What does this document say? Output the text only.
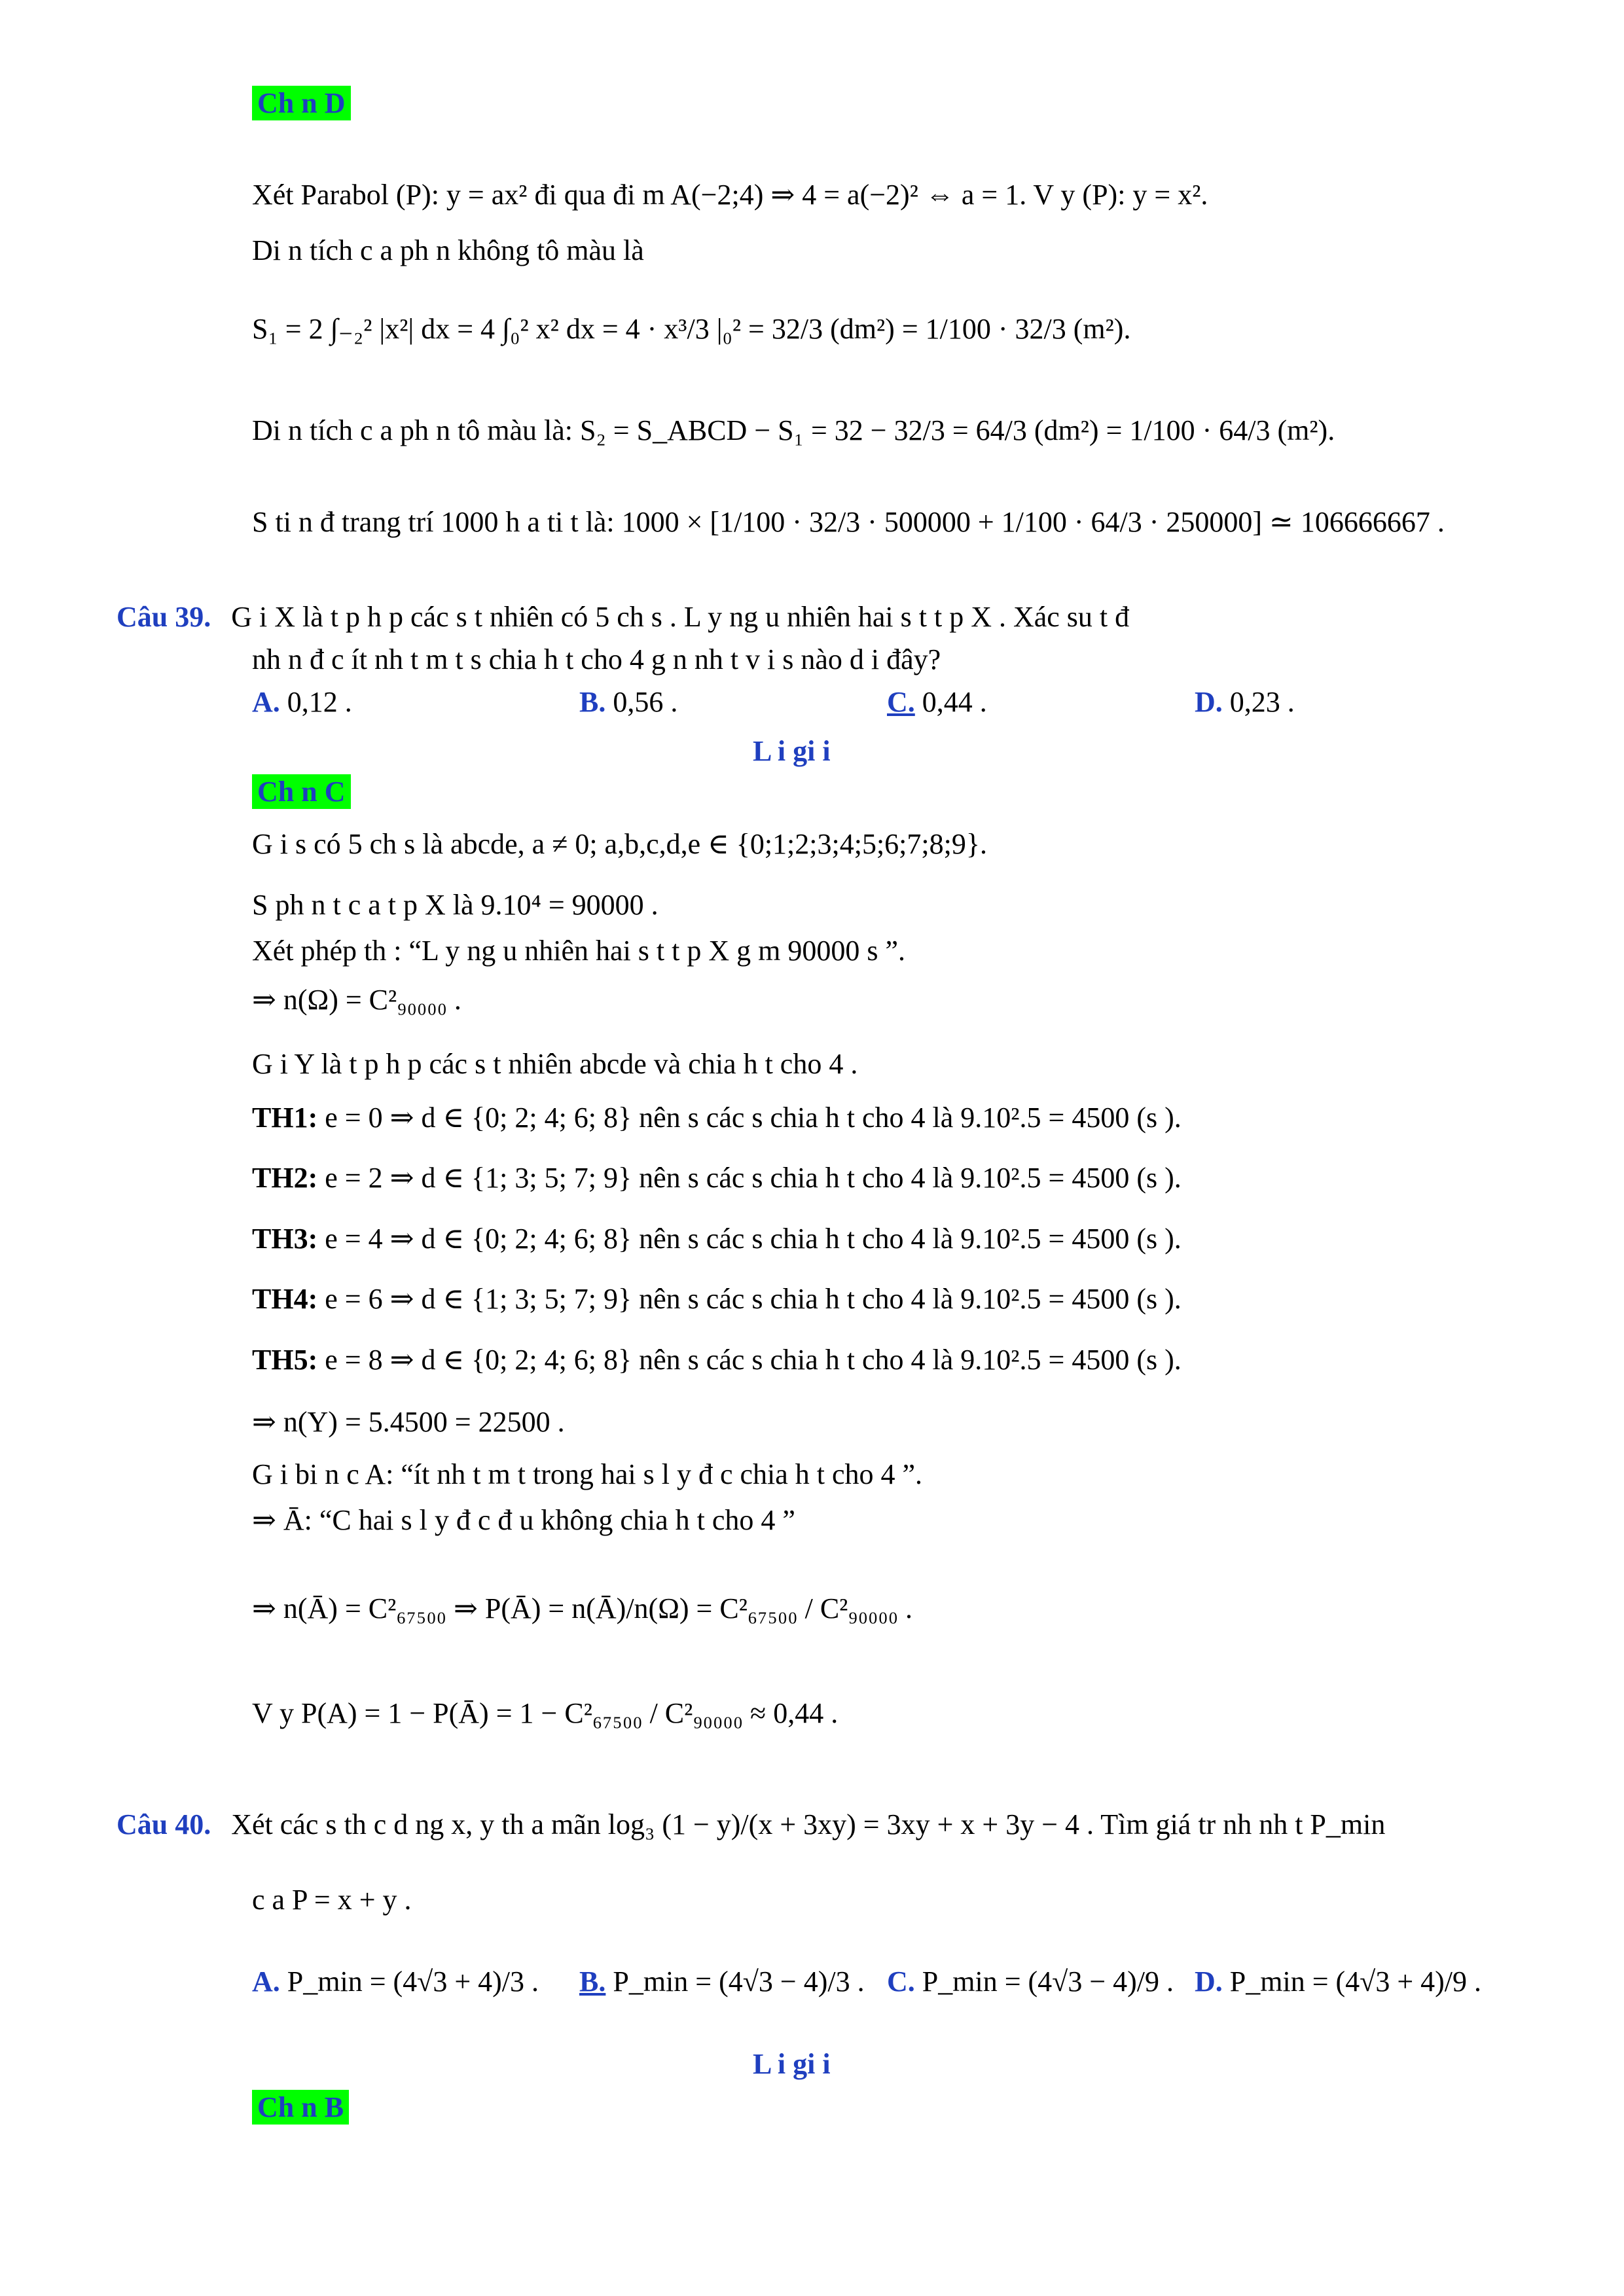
Ch n D
Xét Parabol (P): y = ax² đi qua đi m A(−2;4) ⇒ 4 = a(−2)² ⇔ a = 1. V y (P): y = x².
Di n tích c a ph n không tô màu là
S₁ = 2 ∫₋₂² |x²| dx = 4 ∫₀² x² dx = 4 · x³/3 |₀² = 32/3 (dm²) = 1/100 · 32/3 (m²).
Di n tích c a ph n tô màu là: S₂ = S_ABCD − S₁ = 32 − 32/3 = 64/3 (dm²) = 1/100 · 64/3 (m²).
S ti n đ trang trí 1000 h a ti t là: 1000 × [1/100 · 32/3 · 500000 + 1/100 · 64/3 · 250000] ≃ 106666667 .
Câu 39. G i X là t p h p các s t nhiên có 5 ch s . L y ng u nhiên hai s t t p X . Xác su t đ
nh n đ c ít nh t m t s chia h t cho 4 g n nh t v i s nào d i đây?
A. 0,12 .	B. 0,56 .	C. 0,44 .	D. 0,23 .
L i gi i
Ch n C
G i s có 5 ch s là abcde, a ≠ 0; a,b,c,d,e ∈ {0;1;2;3;4;5;6;7;8;9}.
S ph n t c a t p X là 9.10⁴ = 90000 .
Xét phép th : “L y ng u nhiên hai s t t p X g m 90000 s ”.
⇒ n(Ω) = C²₉₀₀₀₀ .
G i Y là t p h p các s t nhiên abcde và chia h t cho 4 .
TH1: e = 0 ⇒ d ∈ {0; 2; 4; 6; 8} nên s các s chia h t cho 4 là 9.10².5 = 4500 (s ).
TH2: e = 2 ⇒ d ∈ {1; 3; 5; 7; 9} nên s các s chia h t cho 4 là 9.10².5 = 4500 (s ).
TH3: e = 4 ⇒ d ∈ {0; 2; 4; 6; 8} nên s các s chia h t cho 4 là 9.10².5 = 4500 (s ).
TH4: e = 6 ⇒ d ∈ {1; 3; 5; 7; 9} nên s các s chia h t cho 4 là 9.10².5 = 4500 (s ).
TH5: e = 8 ⇒ d ∈ {0; 2; 4; 6; 8} nên s các s chia h t cho 4 là 9.10².5 = 4500 (s ).
⇒ n(Y) = 5.4500 = 22500 .
G i bi n c A: “ít nh t m t trong hai s l y đ c chia h t cho 4 ”.
⇒ Ā: “C hai s l y đ c đ u không chia h t cho 4 ”
⇒ n(Ā) = C²₆₇₅₀₀ ⇒ P(Ā) = n(Ā)/n(Ω) = C²₆₇₅₀₀ / C²₉₀₀₀₀ .
V y P(A) = 1 − P(Ā) = 1 − C²₆₇₅₀₀ / C²₉₀₀₀₀ ≈ 0,44 .
Câu 40. Xét các s th c d ng x, y th a mãn log₃ (1 − y)/(x + 3xy) = 3xy + x + 3y − 4 . Tìm giá tr nh nh t P_min
c a P = x + y .
A. P_min = (4√3 + 4)/3 . B. P_min = (4√3 − 4)/3 . C. P_min = (4√3 − 4)/9 . D. P_min = (4√3 + 4)/9 .
L i gi i
Ch n B
